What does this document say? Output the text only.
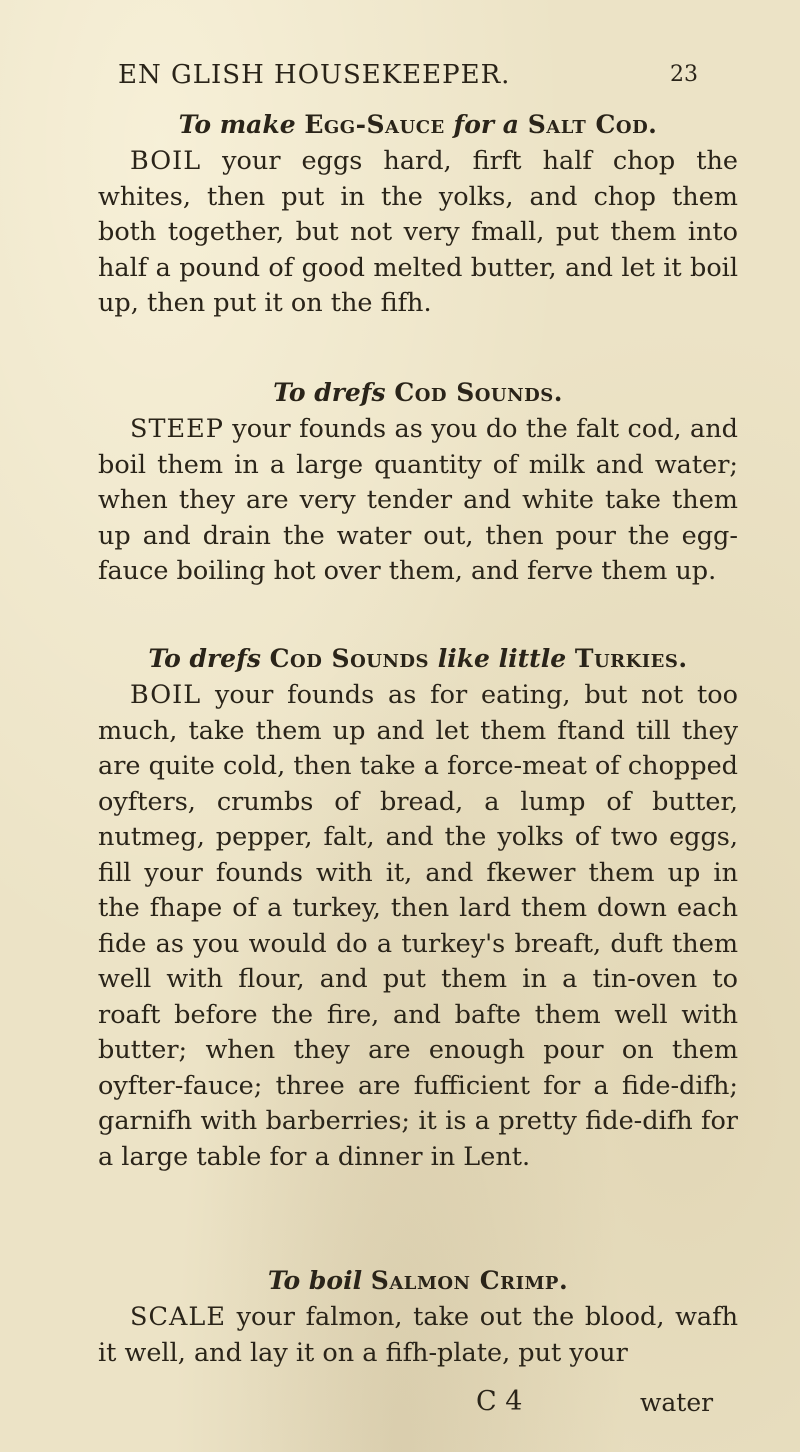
EN GLISH HOUSEKEEPER.	23
To make Egg-Sauce for a Salt Cod.

BOIL your eggs hard, firft half chop the whites, then put in the yolks, and chop them both together, but not very fmall, put them into half a pound of good melted butter, and let it boil up, then put it on the fifh.

To drefs Cod Sounds.

STEEP your founds as you do the falt cod, and boil them in a large quantity of milk and water; when they are very tender and white take them up and drain the water out, then pour the egg-fauce boiling hot over them, and ferve them up.

To drefs Cod Sounds like little Turkies.

BOIL your founds as for eating, but not too much, take them up and let them ftand till they are quite cold, then take a force-meat of chopped oyfters, crumbs of bread, a lump of butter, nutmeg, pepper, falt, and the yolks of two eggs, fill your founds with it, and fkewer them up in the fhape of a turkey, then lard them down each fide as you would do a turkey's breaft, duft them well with flour, and put them in a tin-oven to roaft before the fire, and bafte them well with butter; when they are enough pour on them oyfter-fauce; three are fufficient for a fide-difh; garnifh with barberries; it is a pretty fide-difh for a large table for a dinner in Lent.

To boil Salmon Crimp.

SCALE your falmon, take out the blood, wafh it well, and lay it on a fifh-plate, put your

C 4	water
